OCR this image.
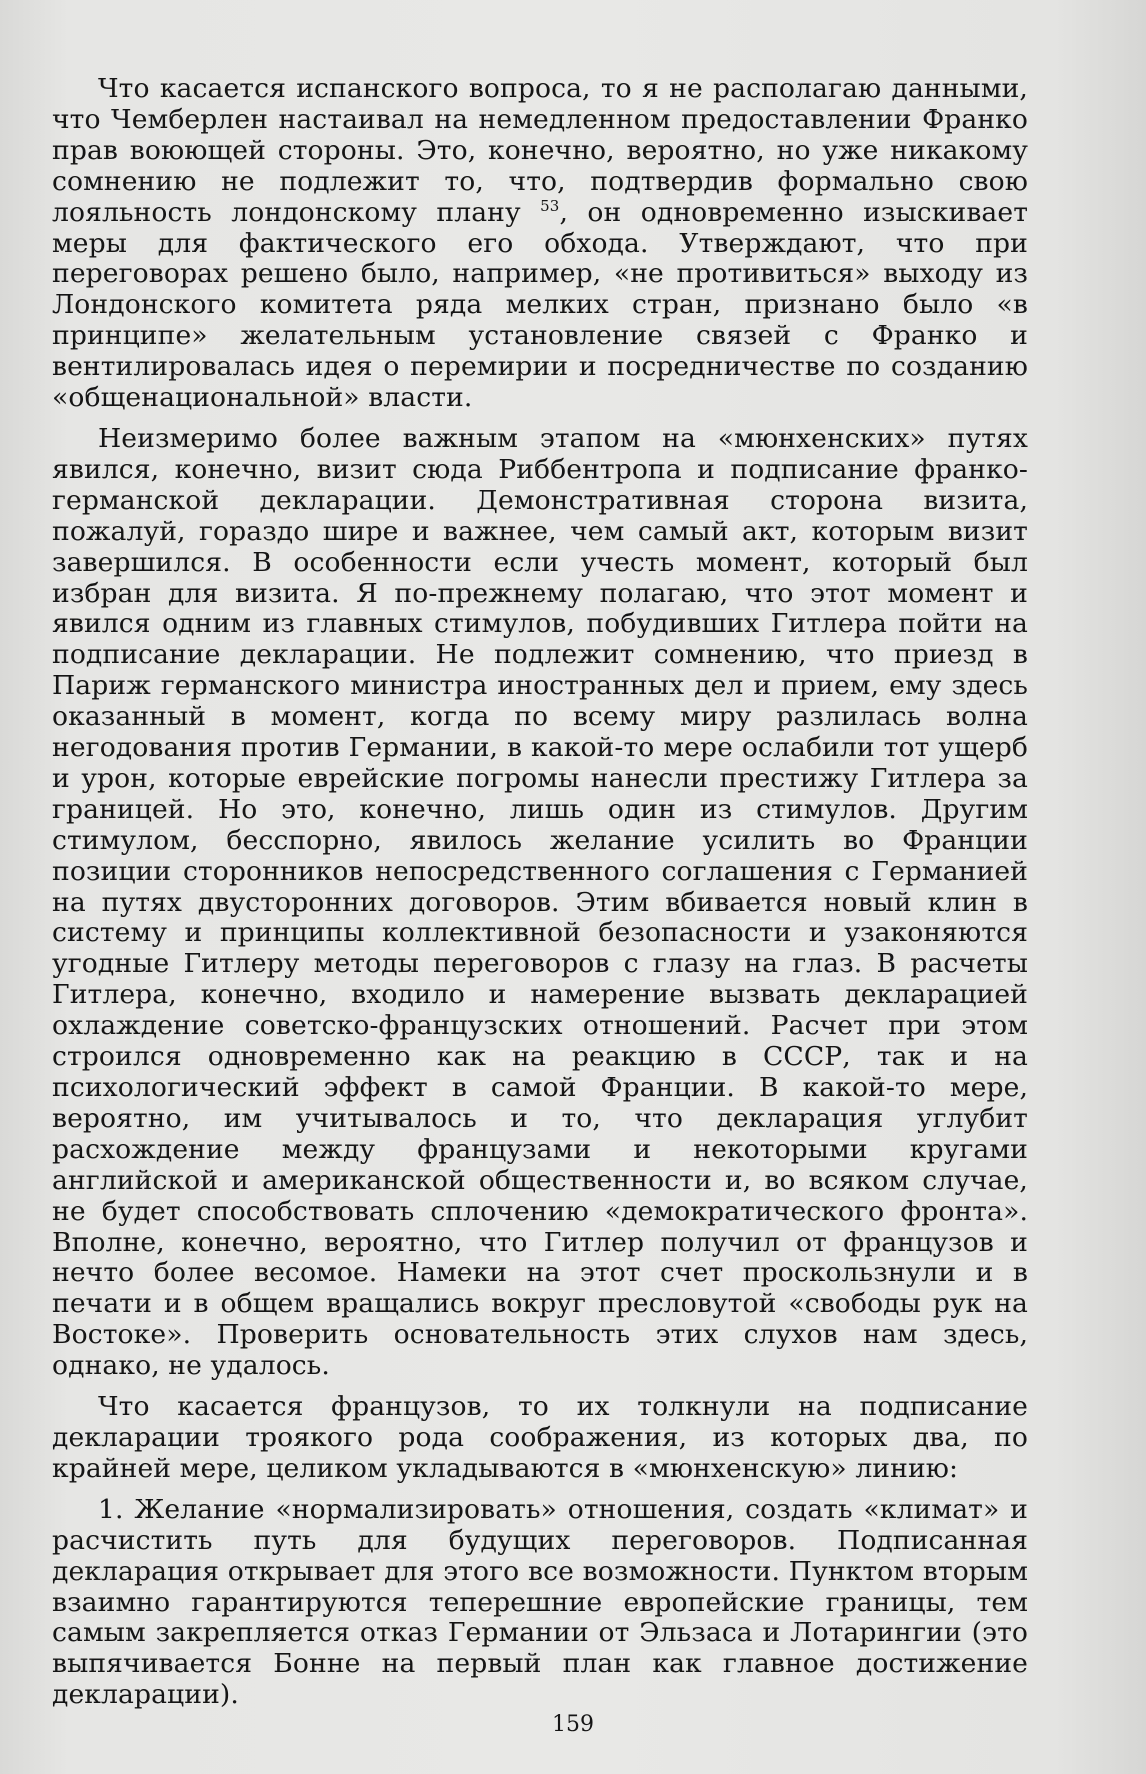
Что касается испанского вопроса, то я не располагаю данными, что Чемберлен настаивал на немедленном предоставлении Франко прав воюющей стороны. Это, конечно, вероятно, но уже никакому сомнению не подлежит то, что, подтвердив формально свою лояльность лондонскому плану $^{53}$, он одновременно изыскивает меры для фактического его обхода. Утверждают, что при переговорах решено было, например, «не противиться» выходу из Лондонского комитета ряда мелких стран, признано было «в принципе» желательным установление связей с Франко и вентилировалась идея о перемирии и посредничестве по созданию «общенациональной» власти.

Неизмеримо более важным этапом на «мюнхенских» путях явился, конечно, визит сюда Риббентропа и подписание франко-германской декларации. Демонстративная сторона визита, пожалуй, гораздо шире и важнее, чем самый акт, которым визит завершился. В особенности если учесть момент, который был избран для визита. Я по-прежнему полагаю, что этот момент и явился одним из главных стимулов, побудивших Гитлера пойти на подписание декларации. Не подлежит сомнению, что приезд в Париж германского министра иностранных дел и прием, ему здесь оказанный в момент, когда по всему миру разлилась волна негодования против Германии, в какой-то мере ослабили тот ущерб и урон, которые еврейские погромы нанесли престижу Гитлера за границей. Но это, конечно, лишь один из стимулов. Другим стимулом, бесспорно, явилось желание усилить во Франции позиции сторонников непосредственного соглашения с Германией на путях двусторонних договоров. Этим вбивается новый клин в систему и принципы коллективной безопасности и узаконяются угодные Гитлеру методы переговоров с глазу на глаз. В расчеты Гитлера, конечно, входило и намерение вызвать декларацией охлаждение советско-французских отношений. Расчет при этом строился одновременно как на реакцию в СССР, так и на психологический эффект в самой Франции. В какой-то мере, вероятно, им учитывалось и то, что декларация углубит расхождение между французами и некоторыми кругами английской и американской общественности и, во всяком случае, не будет способствовать сплочению «демократического фронта». Вполне, конечно, вероятно, что Гитлер получил от французов и нечто более весомое. Намеки на этот счет проскользнули и в печати и в общем вращались вокруг пресловутой «свободы рук на Востоке». Проверить основательность этих слухов нам здесь, однако, не удалось.

Что касается французов, то их толкнули на подписание декларации троякого рода соображения, из которых два, по крайней мере, целиком укладываются в «мюнхенскую» линию:

1. Желание «нормализировать» отношения, создать «климат» и расчистить путь для будущих переговоров. Подписанная декларация открывает для этого все возможности. Пунктом вторым взаимно гарантируются теперешние европейские границы, тем самым закрепляется отказ Германии от Эльзаса и Лотарингии (это выпячивается Бонне на первый план как главное достижение декларации).

159
